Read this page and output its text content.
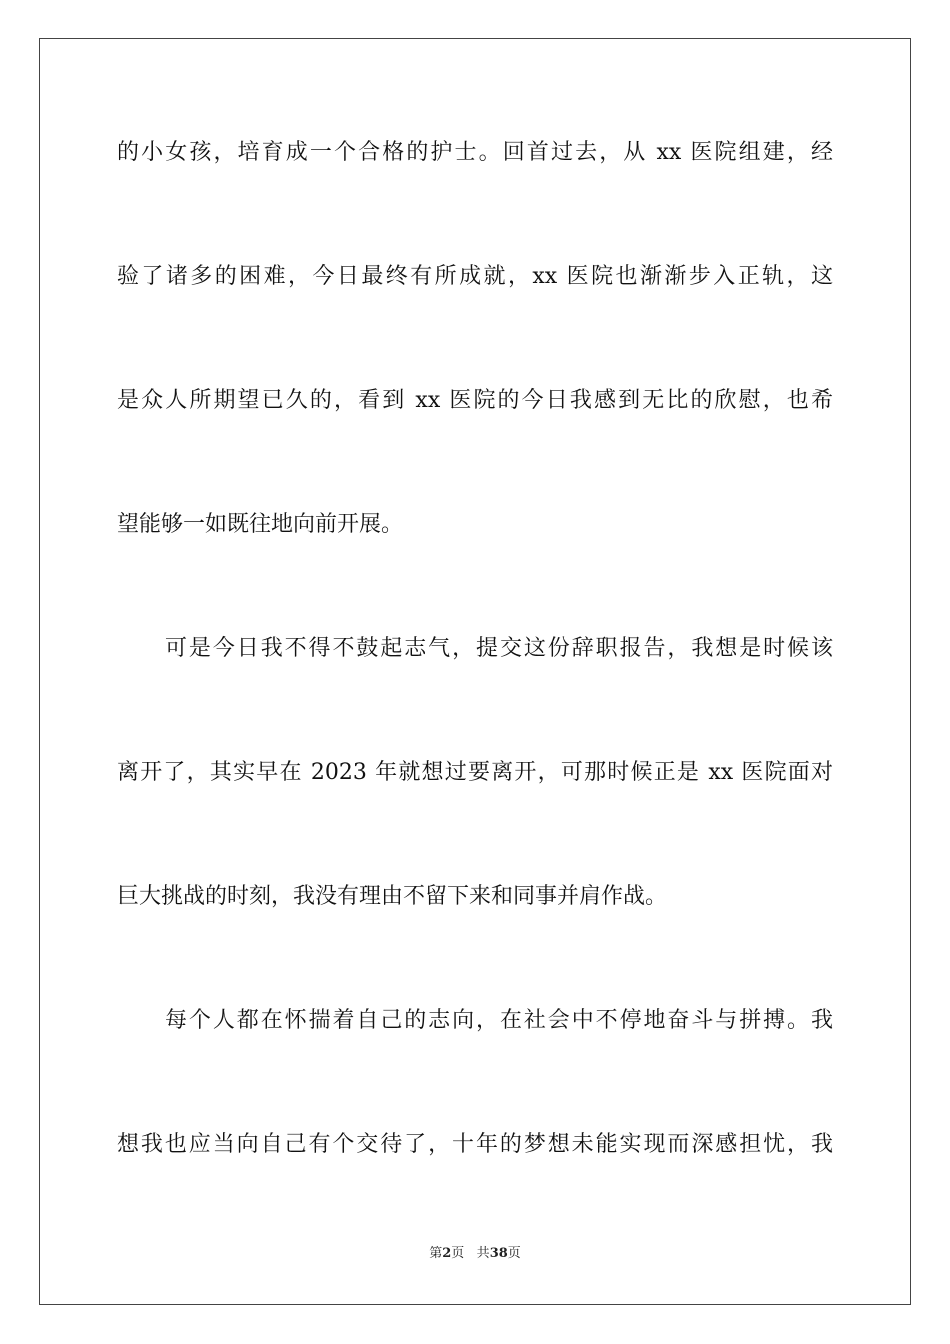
的小女孩，培育成一个合格的护士。回首过去，从 xx 医院组建，经
验了诸多的困难，今日最终有所成就，xx 医院也渐渐步入正轨，这
是众人所期望已久的，看到 xx 医院的今日我感到无比的欣慰，也希
望能够一如既往地向前开展。
可是今日我不得不鼓起志气，提交这份辞职报告，我想是时候该
离开了，其实早在 2023 年就想过要离开，可那时候正是 xx 医院面对
巨大挑战的时刻，我没有理由不留下来和同事并肩作战。
每个人都在怀揣着自己的志向，在社会中不停地奋斗与拼搏。我
想我也应当向自己有个交待了，十年的梦想未能实现而深感担忧，我
第2页 共38页
